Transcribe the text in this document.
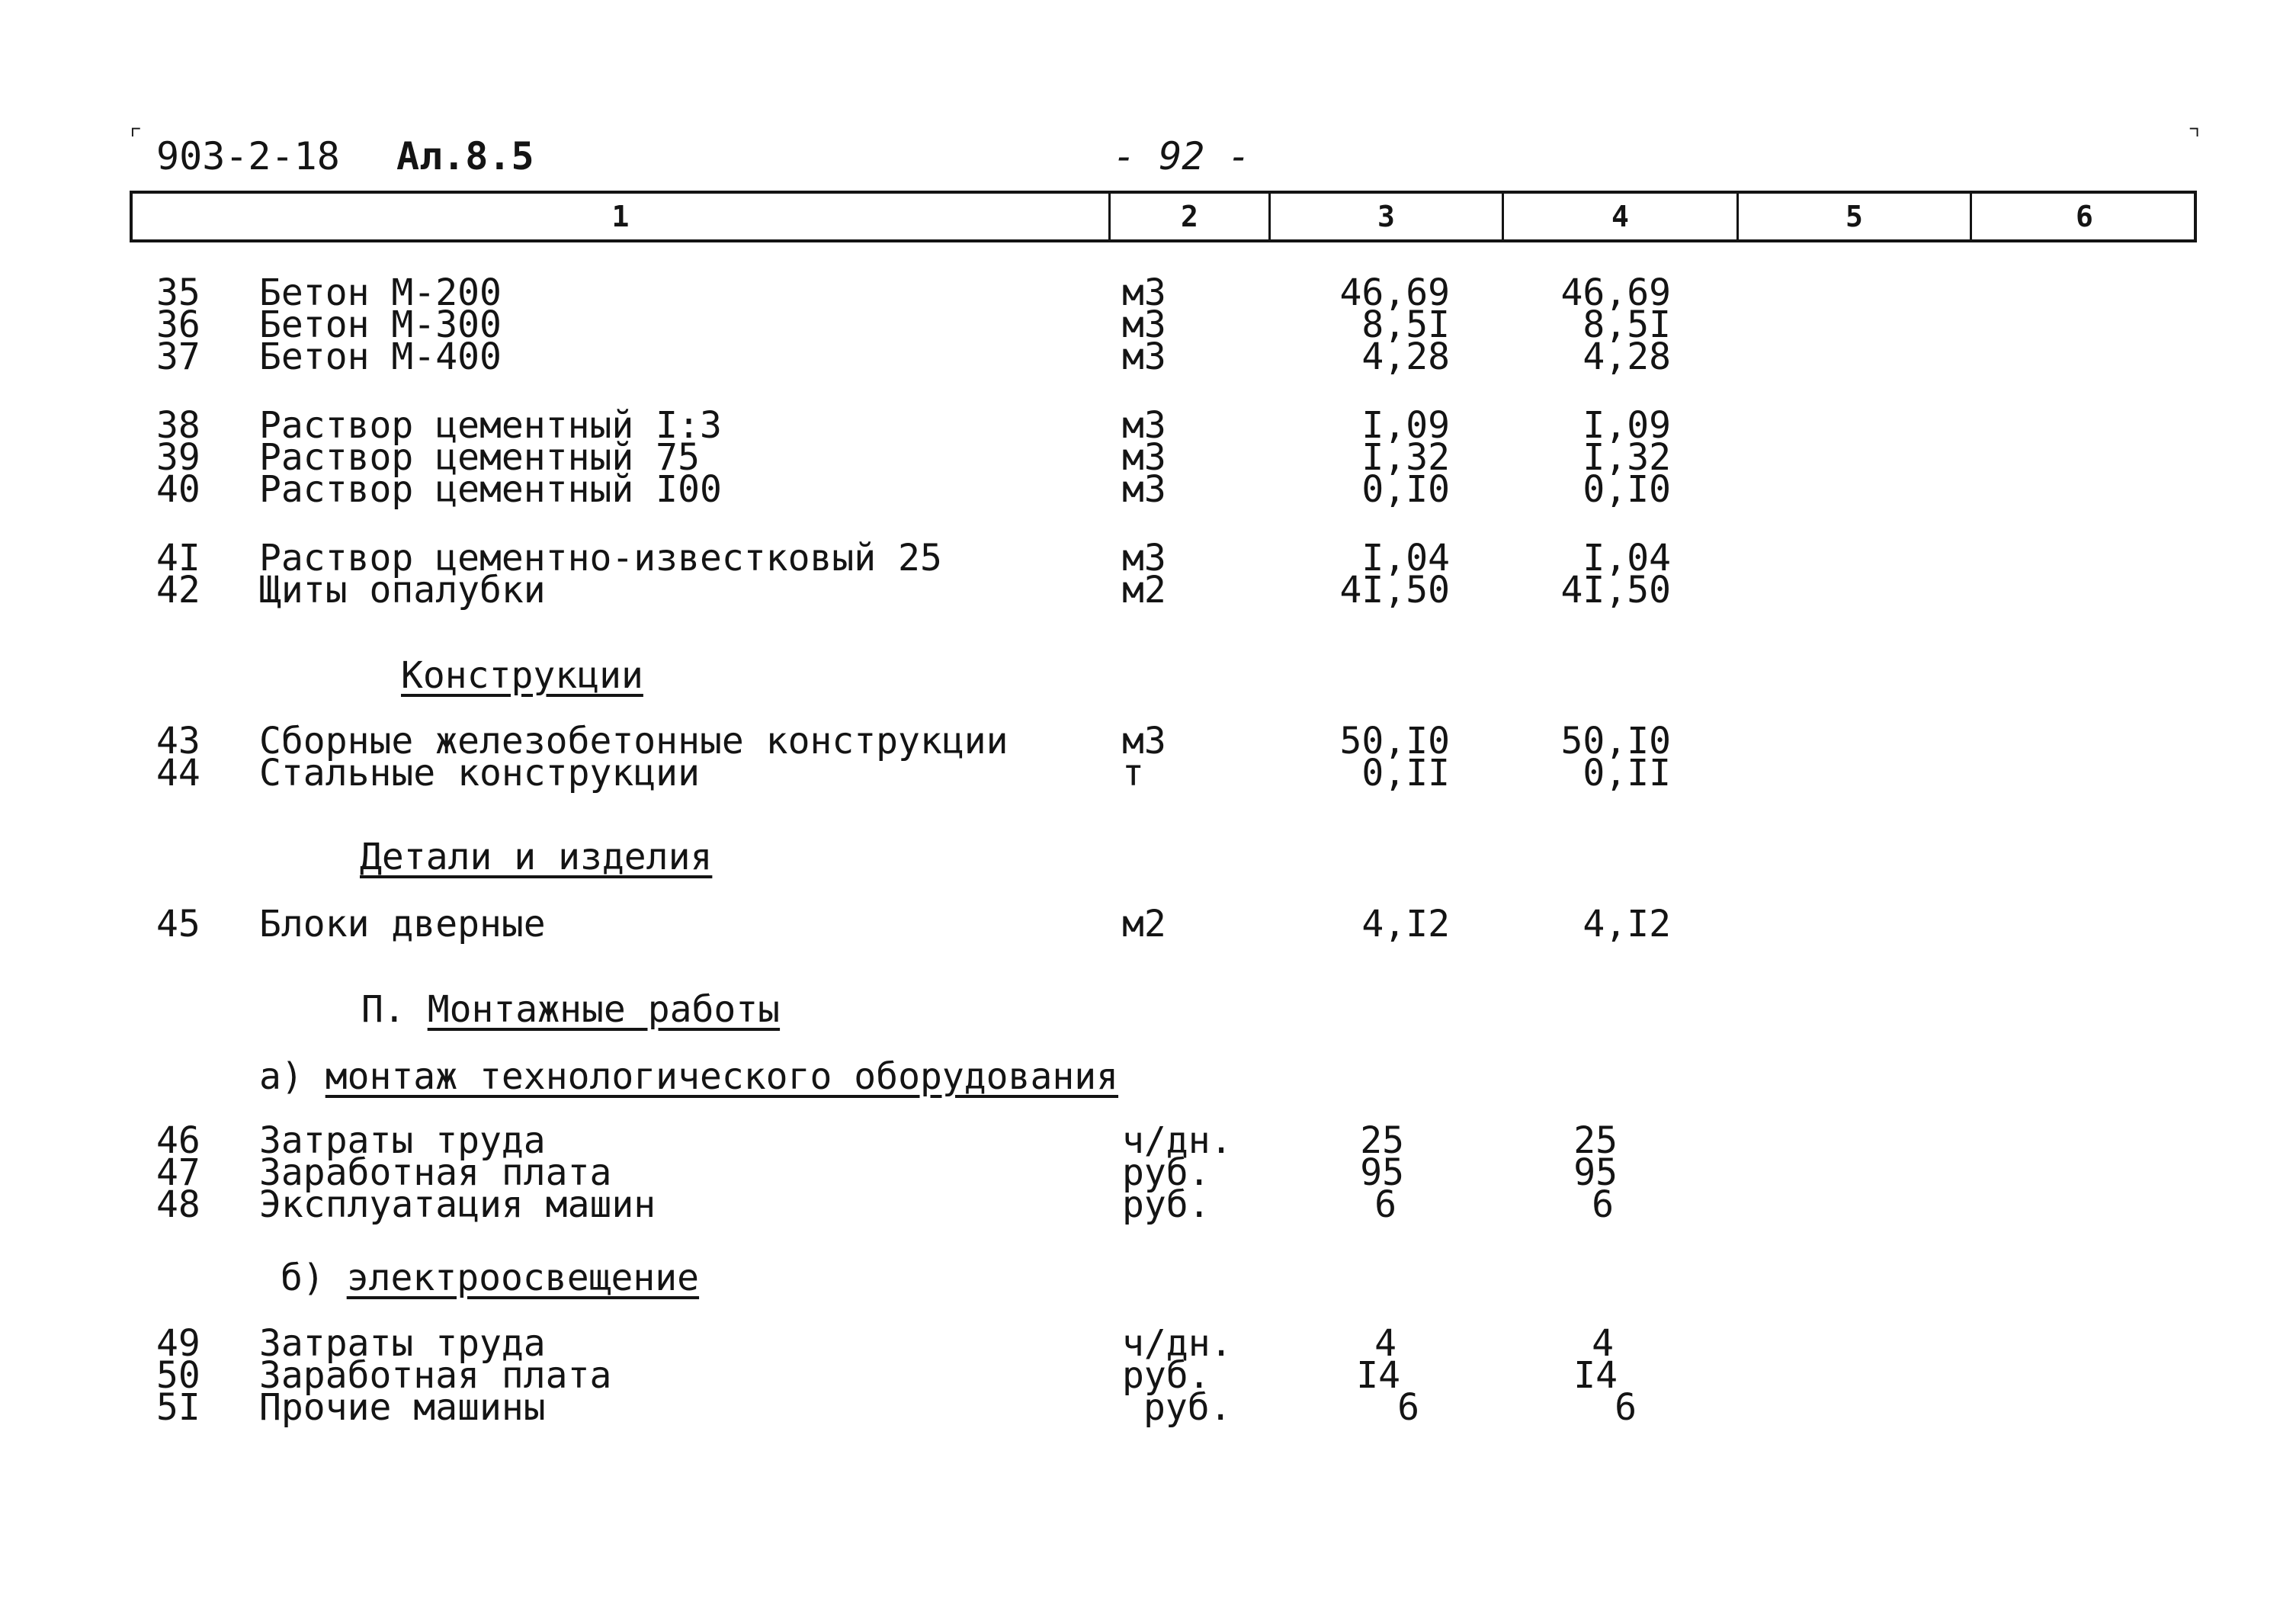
903-2-18 Ал.8.5	- 92 -
⌜	⌝
1	2	3	4	5	6
35 Бетон М-200	м3	46,69	46,69
36 Бетон М-300	м3	8,5I	8,5I
37 Бетон М-400	м3	4,28	4,28
38 Раствор цементный I:3	м3	I,09	I,09
39 Раствор цементный 75	м3	I,32	I,32
40 Раствор цементный I00	м3	0,I0	0,I0
4I Раствор цементно-известковый 25	м3	I,04	I,04
42 Щиты опалубки	м2	4I,50	4I,50
Конструкции
43 Сборные железобетонные конструкции	м3	50,I0	50,I0
44 Стальные конструкции	т	0,II	0,II
Детали и изделия
45 Блоки дверные	м2	4,I2	4,I2
П. Монтажные работы
а) монтаж технологического оборудования
46 Затраты труда	ч/дн.	25	25
47 Заработная плата	руб.	95	95
48 Эксплуатация машин	руб.	6	6
б) электроосвещение
49 Затраты труда	ч/дн.	4	4
50 Заработная плата	руб.	I4	I4
5I Прочие машины	руб.	6	6
